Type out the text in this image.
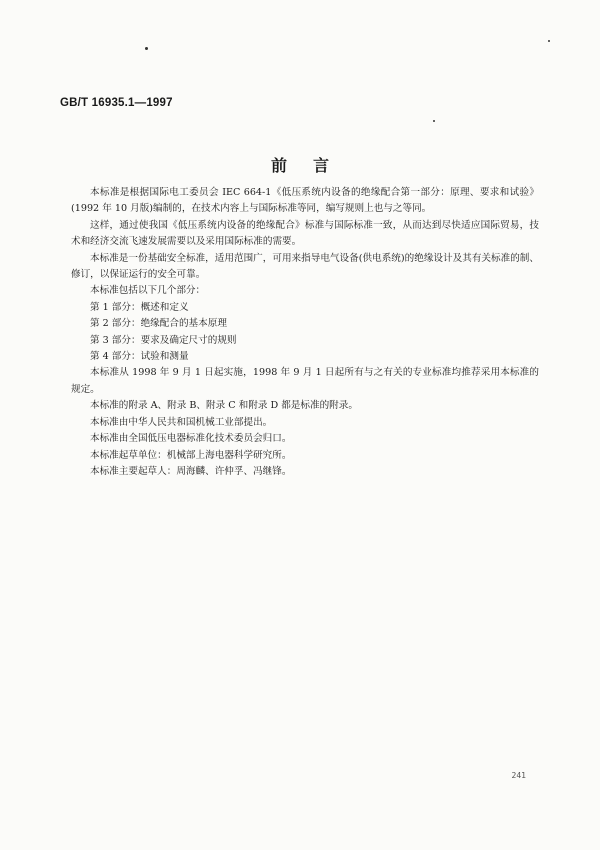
GB/T 16935.1—1997
前言

本标准是根据国际电工委员会 IEC 664-1《低压系统内设备的绝缘配合第一部分：原理、要求和试验》(1992 年 10 月版)编制的，在技术内容上与国际标准等同，编写规则上也与之等同。

这样，通过使我国《低压系统内设备的绝缘配合》标准与国际标准一致，从而达到尽快适应国际贸易，技术和经济交流飞速发展需要以及采用国际标准的需要。

本标准是一份基础安全标准，适用范围广，可用来指导电气设备(供电系统)的绝缘设计及其有关标准的制、修订，以保证运行的安全可靠。

本标准包括以下几个部分：

第 1 部分：概述和定义

第 2 部分：绝缘配合的基本原理

第 3 部分：要求及确定尺寸的规则

第 4 部分：试验和测量

本标准从 1998 年 9 月 1 日起实施，1998 年 9 月 1 日起所有与之有关的专业标准均推荐采用本标准的规定。

本标准的附录 A、附录 B、附录 C 和附录 D 都是标准的附录。

本标准由中华人民共和国机械工业部提出。

本标准由全国低压电器标准化技术委员会归口。

本标准起草单位：机械部上海电器科学研究所。

本标准主要起草人：周海麟、许仲孚、冯继锋。

241
